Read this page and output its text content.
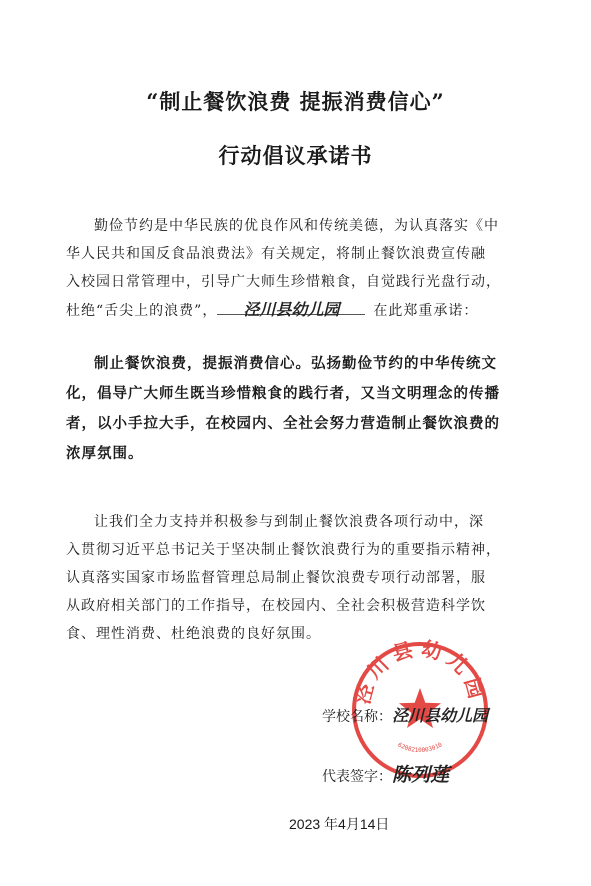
“制止餐饮浪费 提振消费信心”
行动倡议承诺书
勤俭节约是中华民族的优良作风和传统美德，为认真落实《中
华人民共和国反食品浪费法》有关规定，将制止餐饮浪费宣传融
入校园日常管理中，引导广大师生珍惜粮食，自觉践行光盘行动，
杜绝“舌尖上的浪费”， 泾川县幼儿园 在此郑重承诺：
制止餐饮浪费，提振消费信心。弘扬勤俭节约的中华传统文
化，倡导广大师生既当珍惜粮食的践行者，又当文明理念的传播
者，以小手拉大手，在校园内、全社会努力营造制止餐饮浪费的
浓厚氛围。
让我们全力支持并积极参与到制止餐饮浪费各项行动中，深
入贯彻习近平总书记关于坚决制止餐饮浪费行为的重要指示精神，
认真落实国家市场监督管理总局制止餐饮浪费专项行动部署，服
从政府相关部门的工作指导，在校园内、全社会积极营造科学饮
食、理性消费、杜绝浪费的良好氛围。
泾川县幼儿园
6208210003010
学校名称：泾川县幼儿园
代表签字：陈列莲
2023 年4月14日
